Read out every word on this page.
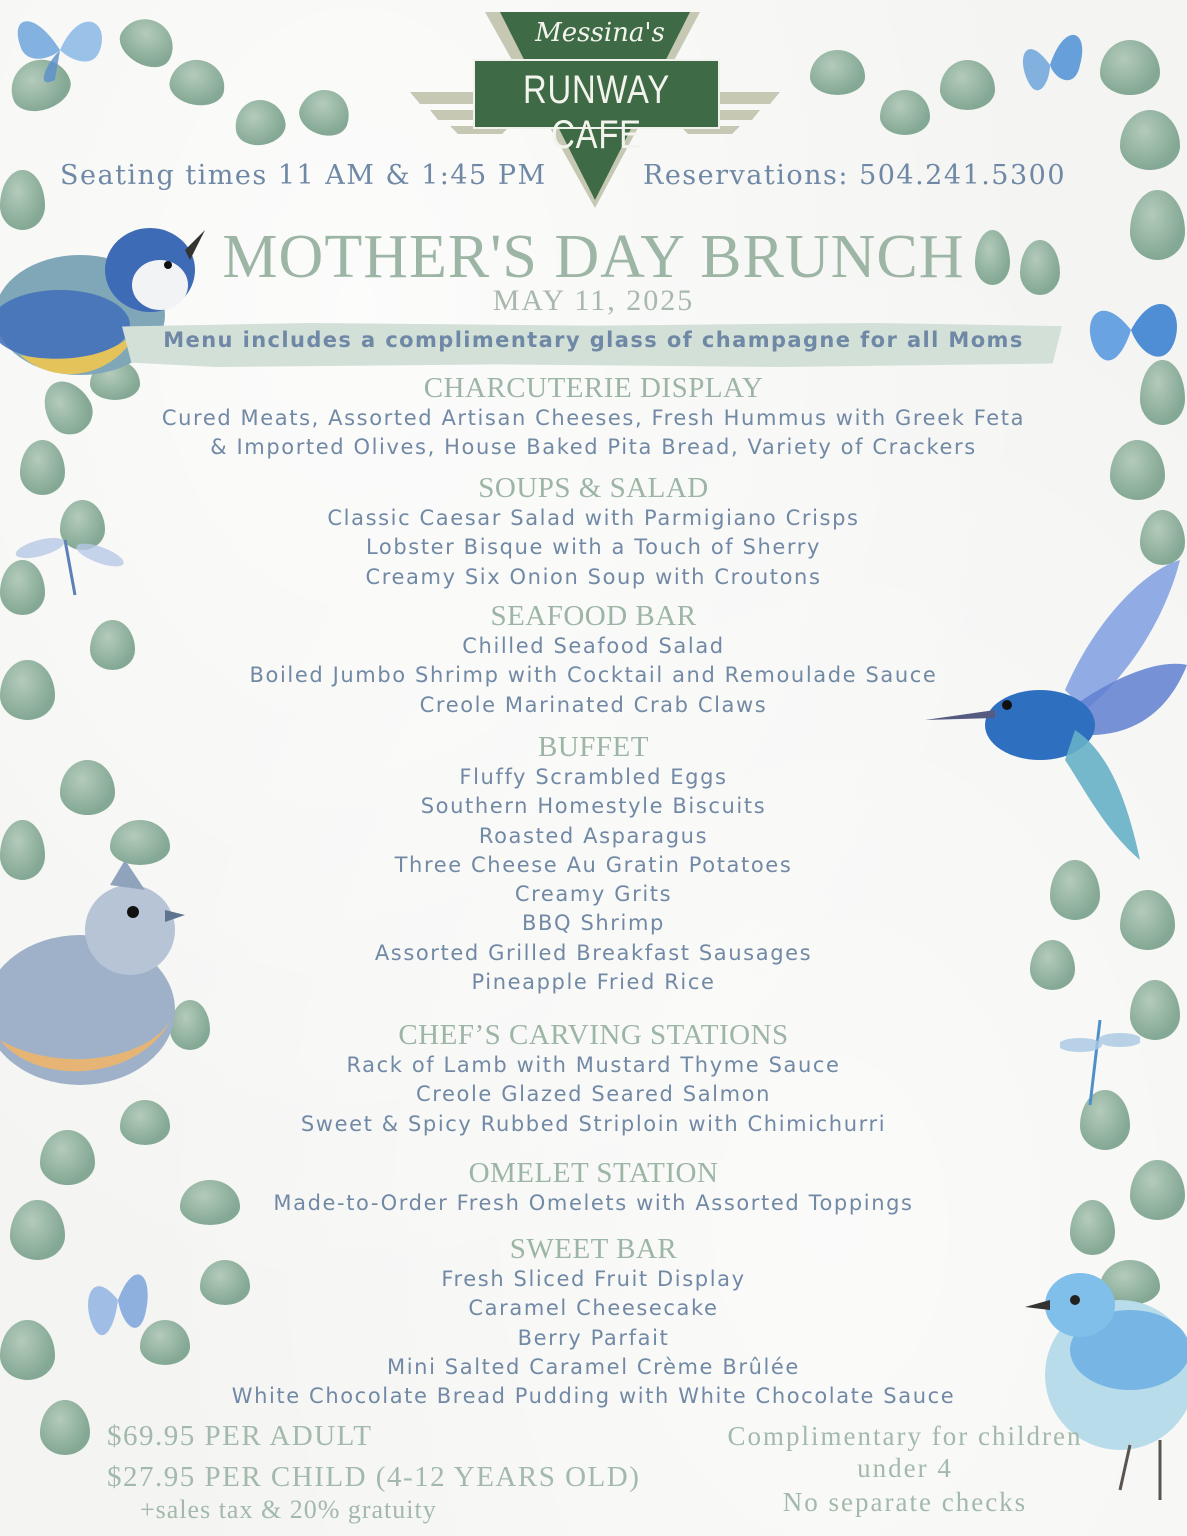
Messina's
RUNWAY CAFE
Seating times 11 AM & 1:45 PM	Reservations: 504.241.5300
MOTHER'S DAY BRUNCH
MAY 11, 2025
Menu includes a complimentary glass of champagne for all Moms
CHARCUTERIE DISPLAY
Cured Meats, Assorted Artisan Cheeses, Fresh Hummus with Greek Feta
& Imported Olives, House Baked Pita Bread, Variety of Crackers
SOUPS & SALAD
Classic Caesar Salad with Parmigiano Crisps
Lobster Bisque with a Touch of Sherry
Creamy Six Onion Soup with Croutons
SEAFOOD BAR
Chilled Seafood Salad
Boiled Jumbo Shrimp with Cocktail and Remoulade Sauce
Creole Marinated Crab Claws
BUFFET
Fluffy Scrambled Eggs
Southern Homestyle Biscuits
Roasted Asparagus
Three Cheese Au Gratin Potatoes
Creamy Grits
BBQ Shrimp
Assorted Grilled Breakfast Sausages
Pineapple Fried Rice
CHEF’S CARVING STATIONS
Rack of Lamb with Mustard Thyme Sauce
Creole Glazed Seared Salmon
Sweet & Spicy Rubbed Striploin with Chimichurri
OMELET STATION
Made-to-Order Fresh Omelets with Assorted Toppings
SWEET BAR
Fresh Sliced Fruit Display
Caramel Cheesecake
Berry Parfait
Mini Salted Caramel Crème Brûlée
White Chocolate Bread Pudding with White Chocolate Sauce
$69.95 PER ADULT
$27.95 PER CHILD (4-12 YEARS OLD)
+sales tax & 20% gratuity
Complimentary for children
under 4
No separate checks
